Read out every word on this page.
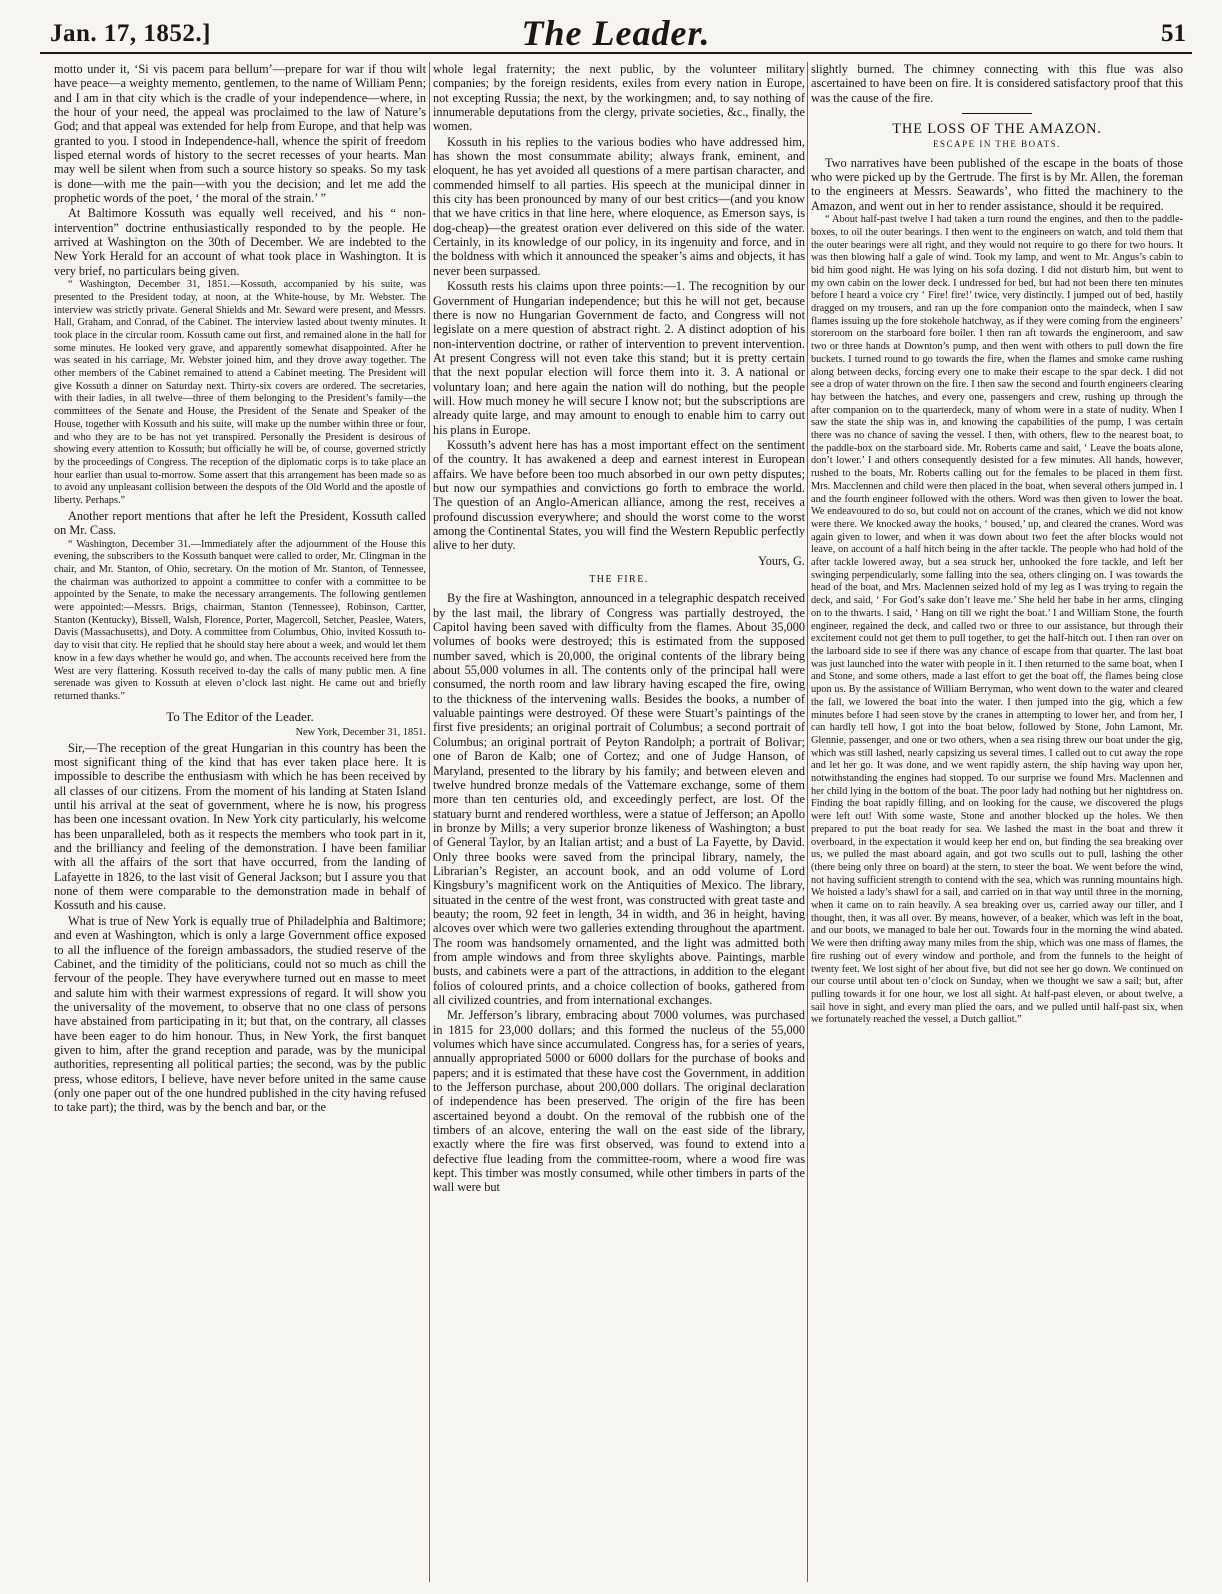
Jan. 17, 1852.]	The Leader.	51

motto under it, ‘Si vis pacem para bellum’—prepare for war if thou wilt have peace—a weighty memento, gentlemen, to the name of William Penn; and I am in that city which is the cradle of your independence—where, in the hour of your need, the appeal was proclaimed to the law of Nature’s God; and that appeal was extended for help from Europe, and that help was granted to you. I stood in Independence-hall, whence the spirit of freedom lisped eternal words of history to the secret recesses of your hearts. Man may well be silent when from such a source history so speaks. So my task is done—with me the pain—with you the decision; and let me add the prophetic words of the poet, ‘ the moral of the strain.’ ”

At Baltimore Kossuth was equally well received, and his “ non-intervention” doctrine enthusiastically responded to by the people. He arrived at Washington on the 30th of December. We are indebted to the New York Herald for an account of what took place in Washington. It is very brief, no particulars being given.

“ Washington, December 31, 1851.—Kossuth, accompanied by his suite, was presented to the President today, at noon, at the White-house, by Mr. Webster. The interview was strictly private. General Shields and Mr. Seward were present, and Messrs. Hall, Graham, and Conrad, of the Cabinet. The interview lasted about twenty minutes. It took place in the circular room. Kossuth came out first, and remained alone in the hall for some minutes. He looked very grave, and apparently somewhat disappointed. After he was seated in his carriage, Mr. Webster joined him, and they drove away together. The other members of the Cabinet remained to attend a Cabinet meeting. The President will give Kossuth a dinner on Saturday next. Thirty-six covers are ordered. The secretaries, with their ladies, in all twelve—three of them belonging to the President’s family—the committees of the Senate and House, the President of the Senate and Speaker of the House, together with Kossuth and his suite, will make up the number within three or four, and who they are to be has not yet transpired. Personally the President is desirous of showing every attention to Kossuth; but officially he will be, of course, governed strictly by the proceedings of Congress. The reception of the diplomatic corps is to take place an hour earlier than usual to-morrow. Some assert that this arrangement has been made so as to avoid any unpleasant collision between the despots of the Old World and the apostle of liberty. Perhaps.”

Another report mentions that after he left the President, Kossuth called on Mr. Cass.

“ Washington, December 31.—Immediately after the adjournment of the House this evening, the subscribers to the Kossuth banquet were called to order, Mr. Clingman in the chair, and Mr. Stanton, of Ohio, secretary. On the motion of Mr. Stanton, of Tennessee, the chairman was authorized to appoint a committee to confer with a committee to be appointed by the Senate, to make the necessary arrangements. The following gentlemen were appointed:—Messrs. Brigs, chairman, Stanton (Tennessee), Robinson, Cartter, Stanton (Kentucky), Bissell, Walsh, Florence, Porter, Magercoll, Setcher, Peaslee, Waters, Davis (Massachusetts), and Doty. A committee from Columbus, Ohio, invited Kossuth to-day to visit that city. He replied that he should stay here about a week, and would let them know in a few days whether he would go, and when. The accounts received here from the West are very flattering. Kossuth received to-day the calls of many public men. A fine serenade was given to Kossuth at eleven o’clock last night. He came out and briefly returned thanks.”

To The Editor of the Leader.

New York, December 31, 1851.

Sir,—The reception of the great Hungarian in this country has been the most significant thing of the kind that has ever taken place here. It is impossible to describe the enthusiasm with which he has been received by all classes of our citizens. From the moment of his landing at Staten Island until his arrival at the seat of government, where he is now, his progress has been one incessant ovation. In New York city particularly, his welcome has been unparalleled, both as it respects the members who took part in it, and the brilliancy and feeling of the demonstration. I have been familiar with all the affairs of the sort that have occurred, from the landing of Lafayette in 1826, to the last visit of General Jackson; but I assure you that none of them were comparable to the demonstration made in behalf of Kossuth and his cause.

What is true of New York is equally true of Philadelphia and Baltimore; and even at Washington, which is only a large Government office exposed to all the influence of the foreign ambassadors, the studied reserve of the Cabinet, and the timidity of the politicians, could not so much as chill the fervour of the people. They have everywhere turned out en masse to meet and salute him with their warmest expressions of regard. It will show you the universality of the movement, to observe that no one class of persons have abstained from participating in it; but that, on the contrary, all classes have been eager to do him honour. Thus, in New York, the first banquet given to him, after the grand reception and parade, was by the municipal authorities, representing all political parties; the second, was by the public press, whose editors, I believe, have never before united in the same cause (only one paper out of the one hundred published in the city having refused to take part); the third, was by the bench and bar, or the

whole legal fraternity; the next public, by the volunteer military companies; by the foreign residents, exiles from every nation in Europe, not excepting Russia; the next, by the workingmen; and, to say nothing of innumerable deputations from the clergy, private societies, &c., finally, the women.

Kossuth in his replies to the various bodies who have addressed him, has shown the most consummate ability; always frank, eminent, and eloquent, he has yet avoided all questions of a mere partisan character, and commended himself to all parties. His speech at the municipal dinner in this city has been pronounced by many of our best critics—(and you know that we have critics in that line here, where eloquence, as Emerson says, is dog-cheap)—the greatest oration ever delivered on this side of the water. Certainly, in its knowledge of our policy, in its ingenuity and force, and in the boldness with which it announced the speaker’s aims and objects, it has never been surpassed.

Kossuth rests his claims upon three points:—1. The recognition by our Government of Hungarian independence; but this he will not get, because there is now no Hungarian Government de facto, and Congress will not legislate on a mere question of abstract right. 2. A distinct adoption of his non-intervention doctrine, or rather of intervention to prevent intervention. At present Congress will not even take this stand; but it is pretty certain that the next popular election will force them into it. 3. A national or voluntary loan; and here again the nation will do nothing, but the people will. How much money he will secure I know not; but the subscriptions are already quite large, and may amount to enough to enable him to carry out his plans in Europe.

Kossuth’s advent here has has a most important effect on the sentiment of the country. It has awakened a deep and earnest interest in European affairs. We have before been too much absorbed in our own petty disputes; but now our sympathies and convictions go forth to embrace the world. The question of an Anglo-American alliance, among the rest, receives a profound discussion everywhere; and should the worst come to the worst among the Continental States, you will find the Western Republic perfectly alive to her duty.

Yours, G.

THE FIRE.

By the fire at Washington, announced in a telegraphic despatch received by the last mail, the library of Congress was partially destroyed, the Capitol having been saved with difficulty from the flames. About 35,000 volumes of books were destroyed; this is estimated from the supposed number saved, which is 20,000, the original contents of the library being about 55,000 volumes in all. The contents only of the principal hall were consumed, the north room and law library having escaped the fire, owing to the thickness of the intervening walls. Besides the books, a number of valuable paintings were destroyed. Of these were Stuart’s paintings of the first five presidents; an original portrait of Columbus; a second portrait of Columbus; an original portrait of Peyton Randolph; a portrait of Bolivar; one of Baron de Kalb; one of Cortez; and one of Judge Hanson, of Maryland, presented to the library by his family; and between eleven and twelve hundred bronze medals of the Vattemare exchange, some of them more than ten centuries old, and exceedingly perfect, are lost. Of the statuary burnt and rendered worthless, were a statue of Jefferson; an Apollo in bronze by Mills; a very superior bronze likeness of Washington; a bust of General Taylor, by an Italian artist; and a bust of La Fayette, by David. Only three books were saved from the principal library, namely, the Librarian’s Register, an account book, and an odd volume of Lord Kingsbury’s magnificent work on the Antiquities of Mexico. The library, situated in the centre of the west front, was constructed with great taste and beauty; the room, 92 feet in length, 34 in width, and 36 in height, having alcoves over which were two galleries extending throughout the apartment. The room was handsomely ornamented, and the light was admitted both from ample windows and from three skylights above. Paintings, marble busts, and cabinets were a part of the attractions, in addition to the elegant folios of coloured prints, and a choice collection of books, gathered from all civilized countries, and from international exchanges.

Mr. Jefferson’s library, embracing about 7000 volumes, was purchased in 1815 for 23,000 dollars; and this formed the nucleus of the 55,000 volumes which have since accumulated. Congress has, for a series of years, annually appropriated 5000 or 6000 dollars for the purchase of books and papers; and it is estimated that these have cost the Government, in addition to the Jefferson purchase, about 200,000 dollars. The original declaration of independence has been preserved. The origin of the fire has been ascertained beyond a doubt. On the removal of the rubbish one of the timbers of an alcove, entering the wall on the east side of the library, exactly where the fire was first observed, was found to extend into a defective flue leading from the committee-room, where a wood fire was kept. This timber was mostly consumed, while other timbers in parts of the wall were but

slightly burned. The chimney connecting with this flue was also ascertained to have been on fire. It is considered satisfactory proof that this was the cause of the fire.

THE LOSS OF THE AMAZON.
ESCAPE IN THE BOATS.

Two narratives have been published of the escape in the boats of those who were picked up by the Gertrude. The first is by Mr. Allen, the foreman to the engineers at Messrs. Seawards’, who fitted the machinery to the Amazon, and went out in her to render assistance, should it be required.

“ About half-past twelve I had taken a turn round the engines, and then to the paddle-boxes, to oil the outer bearings. I then went to the engineers on watch, and told them that the outer bearings were all right, and they would not require to go there for two hours. It was then blowing half a gale of wind. Took my lamp, and went to Mr. Angus’s cabin to bid him good night. He was lying on his sofa dozing. I did not disturb him, but went to my own cabin on the lower deck. I undressed for bed, but had not been there ten minutes before I heard a voice cry ‘ Fire! fire!’ twice, very distinctly. I jumped out of bed, hastily dragged on my trousers, and ran up the fore companion onto the maindeck, when I saw flames issuing up the fore stokehole hatchway, as if they were coming from the engineers’ storeroom on the starboard fore boiler. I then ran aft towards the engineroom, and saw two or three hands at Downton’s pump, and then went with others to pull down the fire buckets. I turned round to go towards the fire, when the flames and smoke came rushing along between decks, forcing every one to make their escape to the spar deck. I did not see a drop of water thrown on the fire. I then saw the second and fourth engineers clearing hay between the hatches, and every one, passengers and crew, rushing up through the after companion on to the quarterdeck, many of whom were in a state of nudity. When I saw the state the ship was in, and knowing the capabilities of the pump, I was certain there was no chance of saving the vessel. I then, with others, flew to the nearest boat, to the paddle-box on the starboard side. Mr. Roberts came and said, ‘ Leave the boats alone, don’t lower.’ I and others consequently desisted for a few minutes. All hands, however, rushed to the boats, Mr. Roberts calling out for the females to be placed in them first. Mrs. Macclennen and child were then placed in the boat, when several others jumped in. I and the fourth engineer followed with the others. Word was then given to lower the boat. We endeavoured to do so, but could not on account of the cranes, which we did not know were there. We knocked away the hooks, ‘ boused,’ up, and cleared the cranes. Word was again given to lower, and when it was down about two feet the after blocks would not leave, on account of a half hitch being in the after tackle. The people who had hold of the after tackle lowered away, but a sea struck her, unhooked the fore tackle, and left her swinging perpendicularly, some falling into the sea, others clinging on. I was towards the head of the boat, and Mrs. Maclennen seized hold of my leg as I was trying to regain the deck, and said, ‘ For God’s sake don’t leave me.’ She held her babe in her arms, clinging on to the thwarts. I said, ‘ Hang on till we right the boat.’ I and William Stone, the fourth engineer, regained the deck, and called two or three to our assistance, but through their excitement could not get them to pull together, to get the half-hitch out. I then ran over on the larboard side to see if there was any chance of escape from that quarter. The last boat was just launched into the water with people in it. I then returned to the same boat, when I and Stone, and some others, made a last effort to get the boat off, the flames being close upon us. By the assistance of William Berryman, who went down to the water and cleared the fall, we lowered the boat into the water. I then jumped into the gig, which a few minutes before I had seen stove by the cranes in attempting to lower her, and from her, I can hardly tell how, I got into the boat below, followed by Stone, John Lamont, Mr. Glennie, passenger, and one or two others, when a sea rising threw our boat under the gig, which was still lashed, nearly capsizing us several times. I called out to cut away the rope and let her go. It was done, and we went rapidly astern, the ship having way upon her, notwithstanding the engines had stopped. To our surprise we found Mrs. Maclennen and her child lying in the bottom of the boat. The poor lady had nothing but her nightdress on. Finding the boat rapidly filling, and on looking for the cause, we discovered the plugs were left out! With some waste, Stone and another blocked up the holes. We then prepared to put the boat ready for sea. We lashed the mast in the boat and threw it overboard, in the expectation it would keep her end on, but finding the sea breaking over us, we pulled the mast aboard again, and got two sculls out to pull, lashing the other (there being only three on board) at the stern, to steer the boat. We went before the wind, not having sufficient strength to contend with the sea, which was running mountains high. We hoisted a lady’s shawl for a sail, and carried on in that way until three in the morning, when it came on to rain heavily. A sea breaking over us, carried away our tiller, and I thought, then, it was all over. By means, however, of a beaker, which was left in the boat, and our boots, we managed to bale her out. Towards four in the morning the wind abated. We were then drifting away many miles from the ship, which was one mass of flames, the fire rushing out of every window and porthole, and from the funnels to the height of twenty feet. We lost sight of her about five, but did not see her go down. We continued on our course until about ten o’clock on Sunday, when we thought we saw a sail; but, after pulling towards it for one hour, we lost all sight. At half-past eleven, or about twelve, a sail hove in sight, and every man plied the oars, and we pulled until half-past six, when we fortunately reached the vessel, a Dutch galliot.”
